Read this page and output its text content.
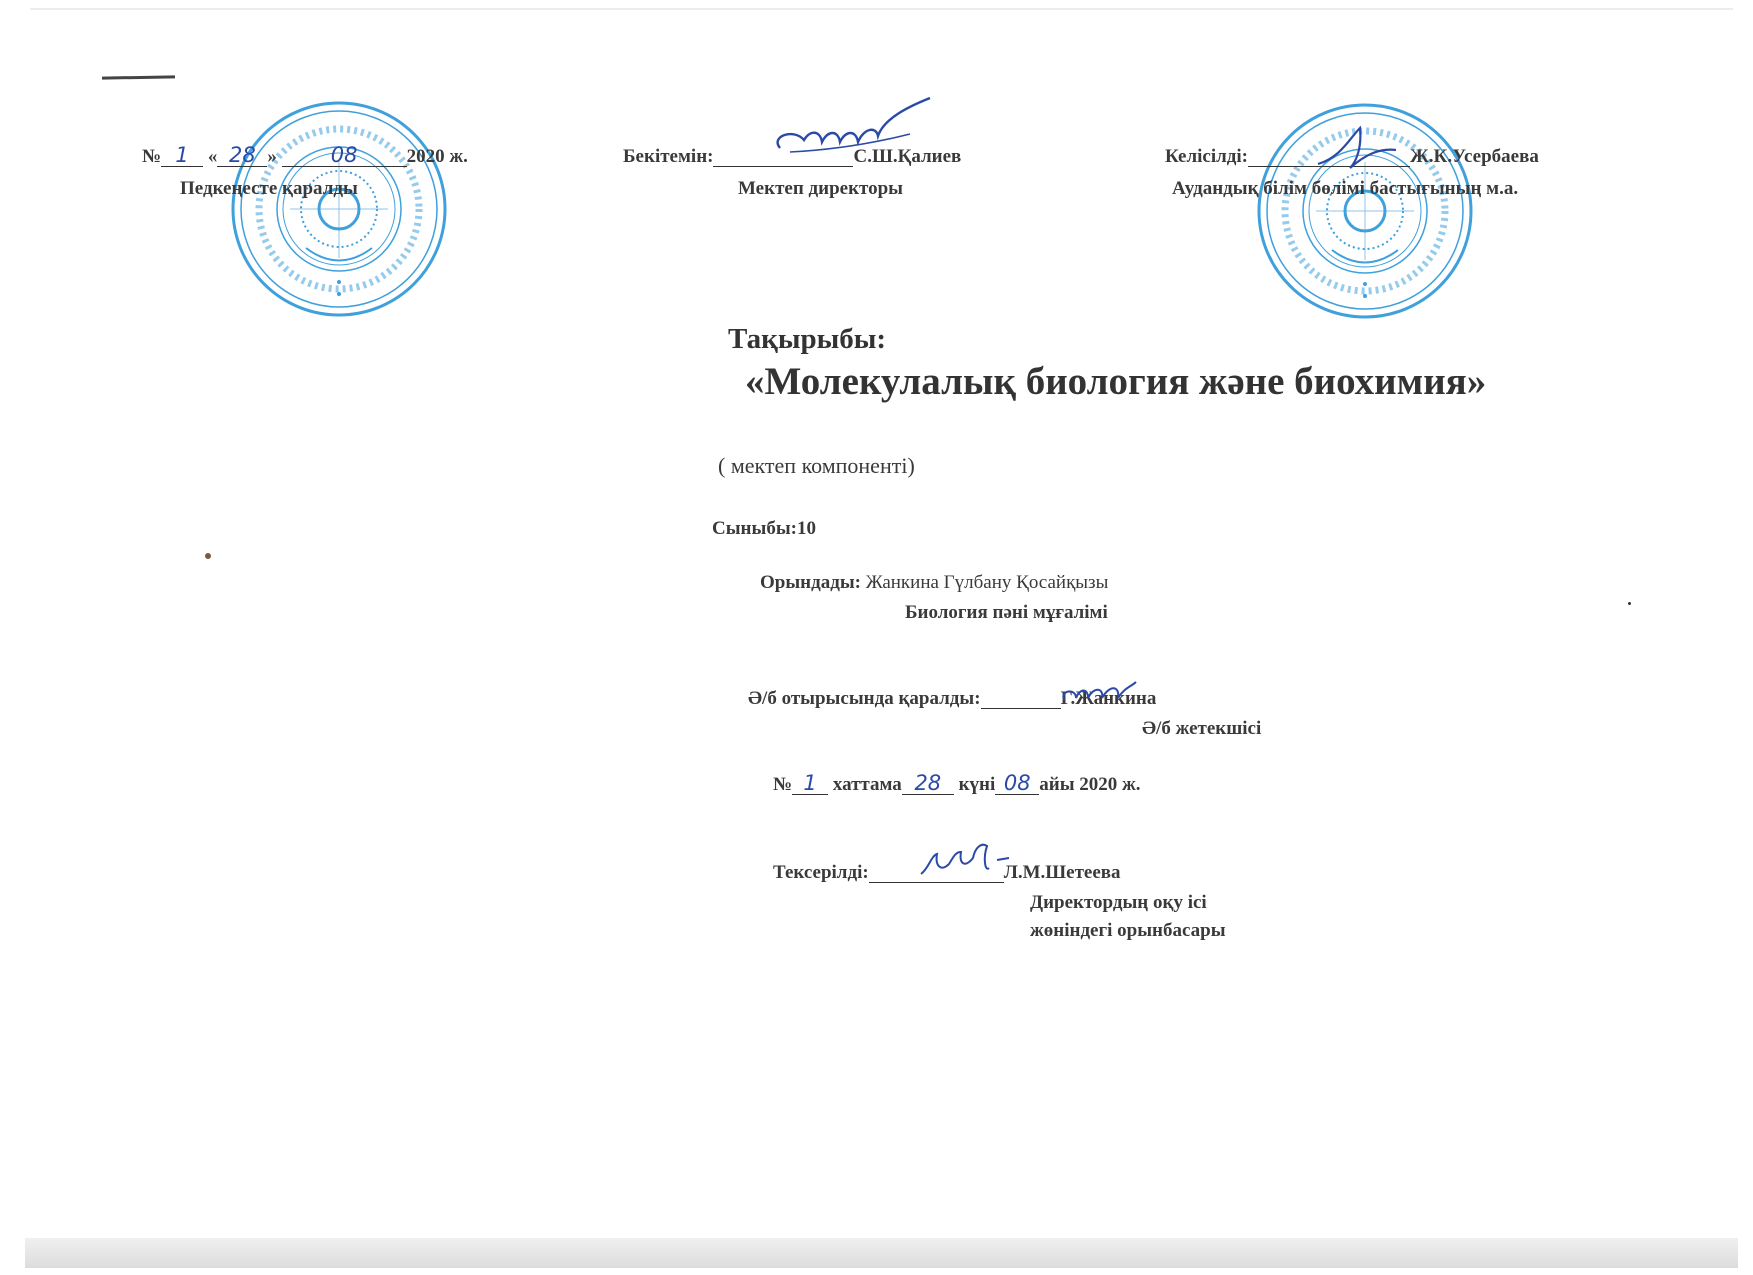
№ 1 « 28 »	08	2020 ж.
Педкеңесте қаралды
Бекітемін:	С.Ш.Қалиев
Мектеп директоры
Келісілді:	Ж.К.Усербаева
Аудандық білім бөлімі бастығының м.а.
Тақырыбы:
«Молекулалық биология және биохимия»
( мектеп компоненті)
Сыныбы:10
Орындады: Жанкина Гүлбану Қосайқызы
Биология пәні мұғалімі
Ә/б отырысында қаралды:	Г.Жанкина
Ә/б жетекшісі
№ 1 хаттама 28 күні 08 айы 2020 ж.
Тексерілді:	Л.М.Шетеева
Директордың оқу ісі
жөніндегі орынбасары
